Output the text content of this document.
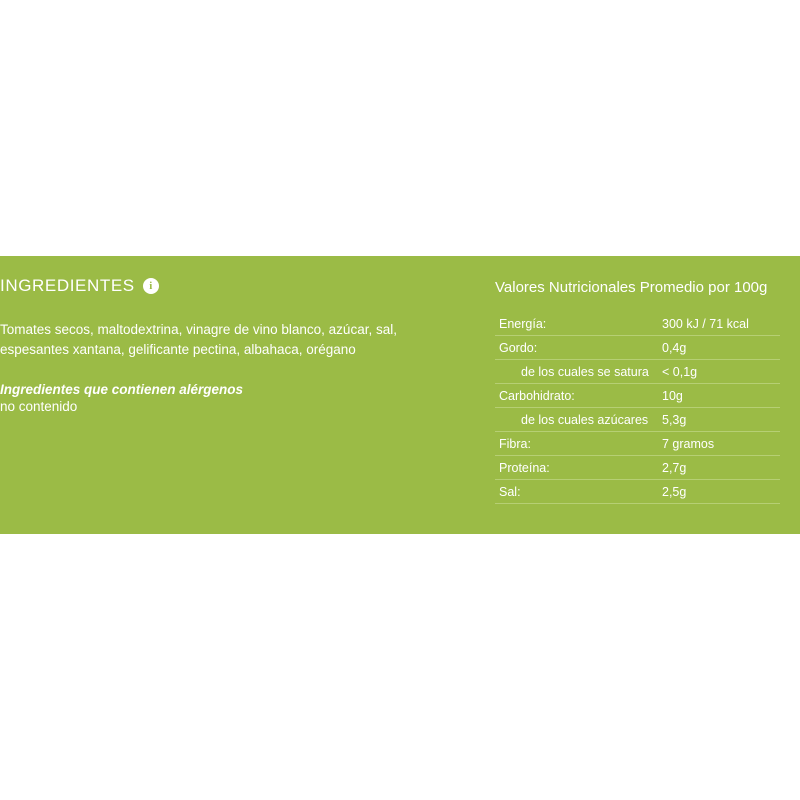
INGREDIENTES	i
Tomates secos, maltodextrina, vinagre de vino blanco, azúcar, sal, espesantes xantana, gelificante pectina, albahaca, orégano
Ingredientes que contienen alérgenos
no contenido
Valores Nutricionales Promedio por 100g
Energía:	300 kJ / 71 kcal
Gordo:	0,4g
de los cuales se satura	< 0,1g
Carbohidrato:	10g
de los cuales azúcares	5,3g
Fibra:	7 gramos
Proteína:	2,7g
Sal:	2,5g
